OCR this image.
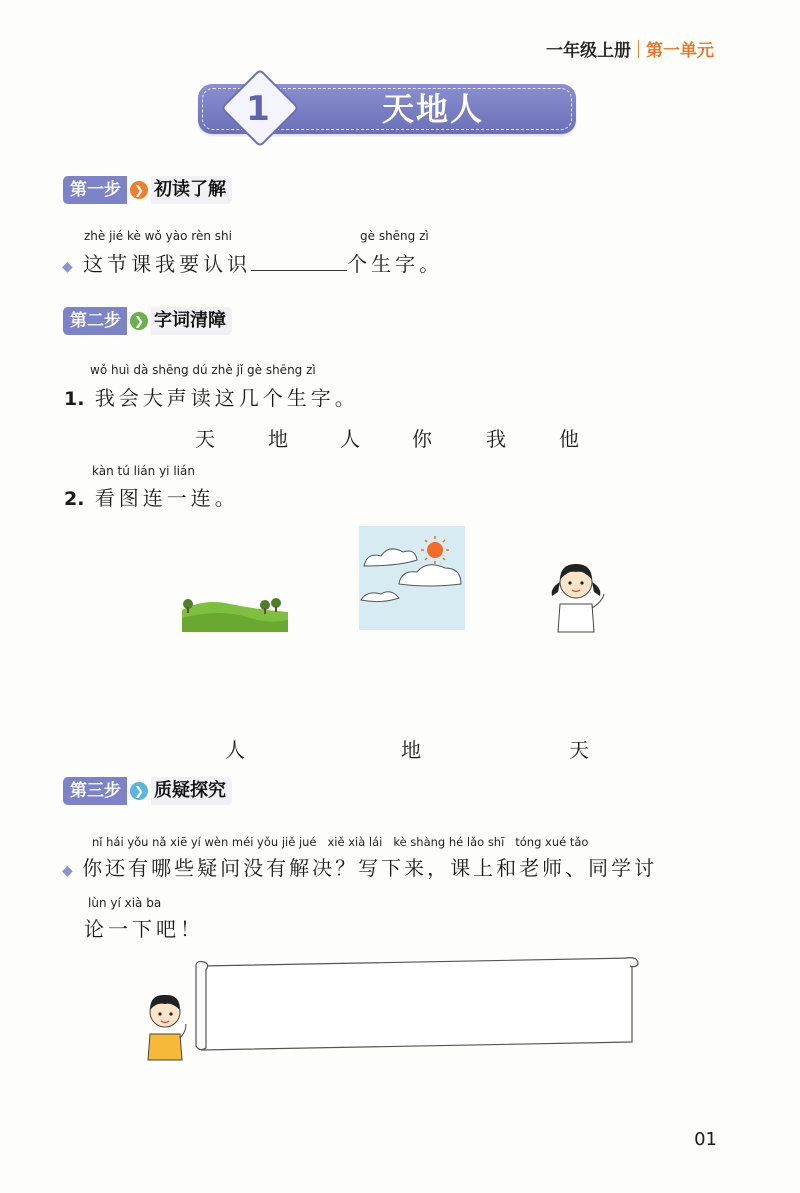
一年级上册 第一单元
1	天地人
第一步	❯ 初读了解
zhè jié kè wǒ yào rèn shi	gè shēng zì
◆ 这节课我要认识	个生字。
第二步	❯ 字词清障
wǒ huì dà shēng dú zhè jǐ gè shēng zì
1. 我会大声读这几个生字。
天	地	人	你	我	他
kàn tú lián yi lián
2. 看图连一连。
人	地	天
第三步	❯ 质疑探究
nǐ hái yǒu nǎ xiē yí wèn méi yǒu jiě jué   xiě xià lái   kè shàng hé lǎo shī   tóng xué tǎo
◆ 你还有哪些疑问没有解决？写下来，课上和老师、同学讨
lùn yí xià ba
论一下吧！
01
